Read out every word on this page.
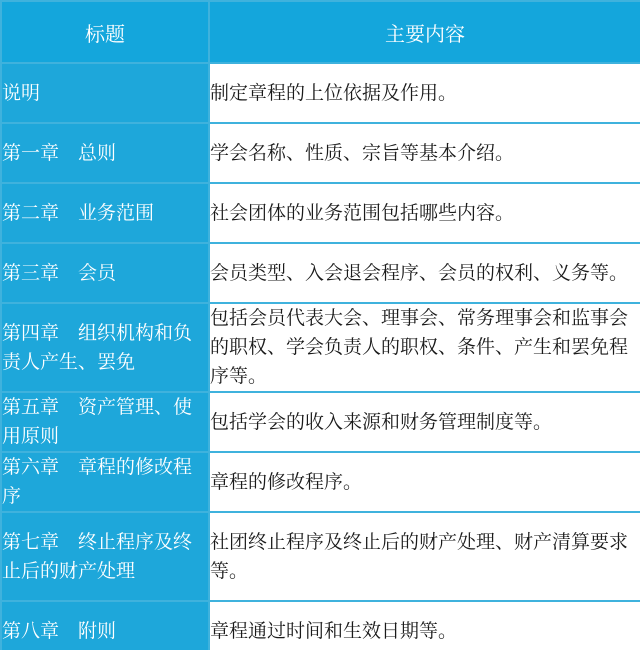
标题	主要内容
说明	制定章程的上位依据及作用。
第一章　总则	学会名称、性质、宗旨等基本介绍。
第二章　业务范围	社会团体的业务范围包括哪些内容。
第三章　会员	会员类型、入会退会程序、会员的权利、义务等。
第四章　组织机构和负责人产生、罢免	包括会员代表大会、理事会、常务理事会和监事会的职权、学会负责人的职权、条件、产生和罢免程序等。
第五章　资产管理、使用原则	包括学会的收入来源和财务管理制度等。
第六章　章程的修改程序	章程的修改程序。
第七章　终止程序及终止后的财产处理	社团终止程序及终止后的财产处理、财产清算要求等。
第八章　附则	章程通过时间和生效日期等。
